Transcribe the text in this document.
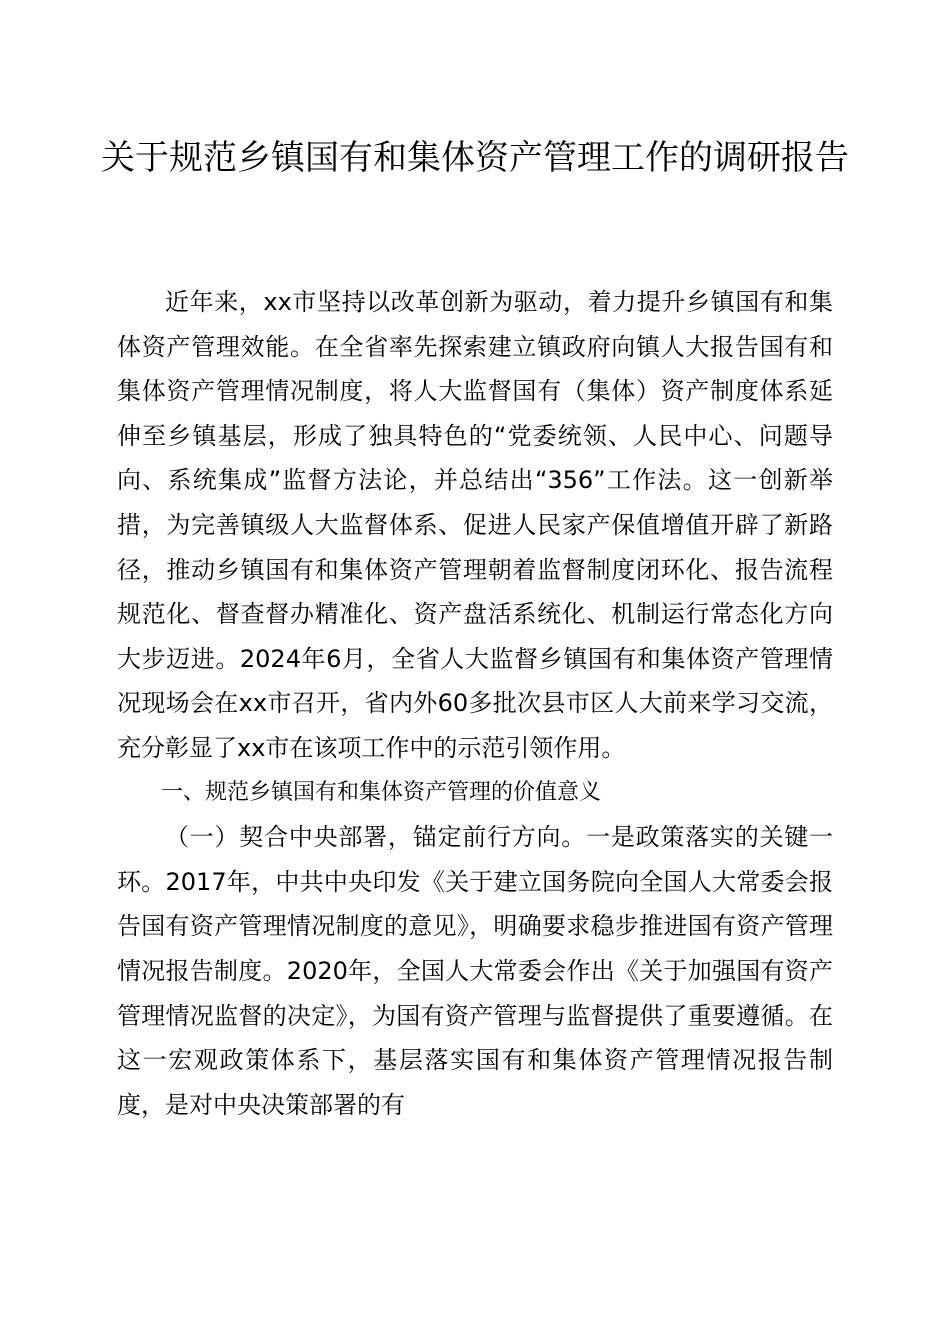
关于规范乡镇国有和集体资产管理工作的调研报告

近年来，xx市坚持以改革创新为驱动，着力提升乡镇国有和集体资产管理效能。在全省率先探索建立镇政府向镇人大报告国有和集体资产管理情况制度，将人大监督国有（集体）资产制度体系延伸至乡镇基层，形成了独具特色的“党委统领、人民中心、问题导向、系统集成”监督方法论，并总结出“356”工作法。这一创新举措，为完善镇级人大监督体系、促进人民家产保值增值开辟了新路径，推动乡镇国有和集体资产管理朝着监督制度闭环化、报告流程规范化、督查督办精准化、资产盘活系统化、机制运行常态化方向大步迈进。2024年6月，全省人大监督乡镇国有和集体资产管理情况现场会在xx市召开，省内外60多批次县市区人大前来学习交流，充分彰显了xx市在该项工作中的示范引领作用。

一、规范乡镇国有和集体资产管理的价值意义

（一）契合中央部署，锚定前行方向。一是政策落实的关键一环。2017年，中共中央印发《关于建立国务院向全国人大常委会报告国有资产管理情况制度的意见》，明确要求稳步推进国有资产管理情况报告制度。2020年，全国人大常委会作出《关于加强国有资产管理情况监督的决定》，为国有资产管理与监督提供了重要遵循。在这一宏观政策体系下，基层落实国有和集体资产管理情况报告制度，是对中央决策部署的有
